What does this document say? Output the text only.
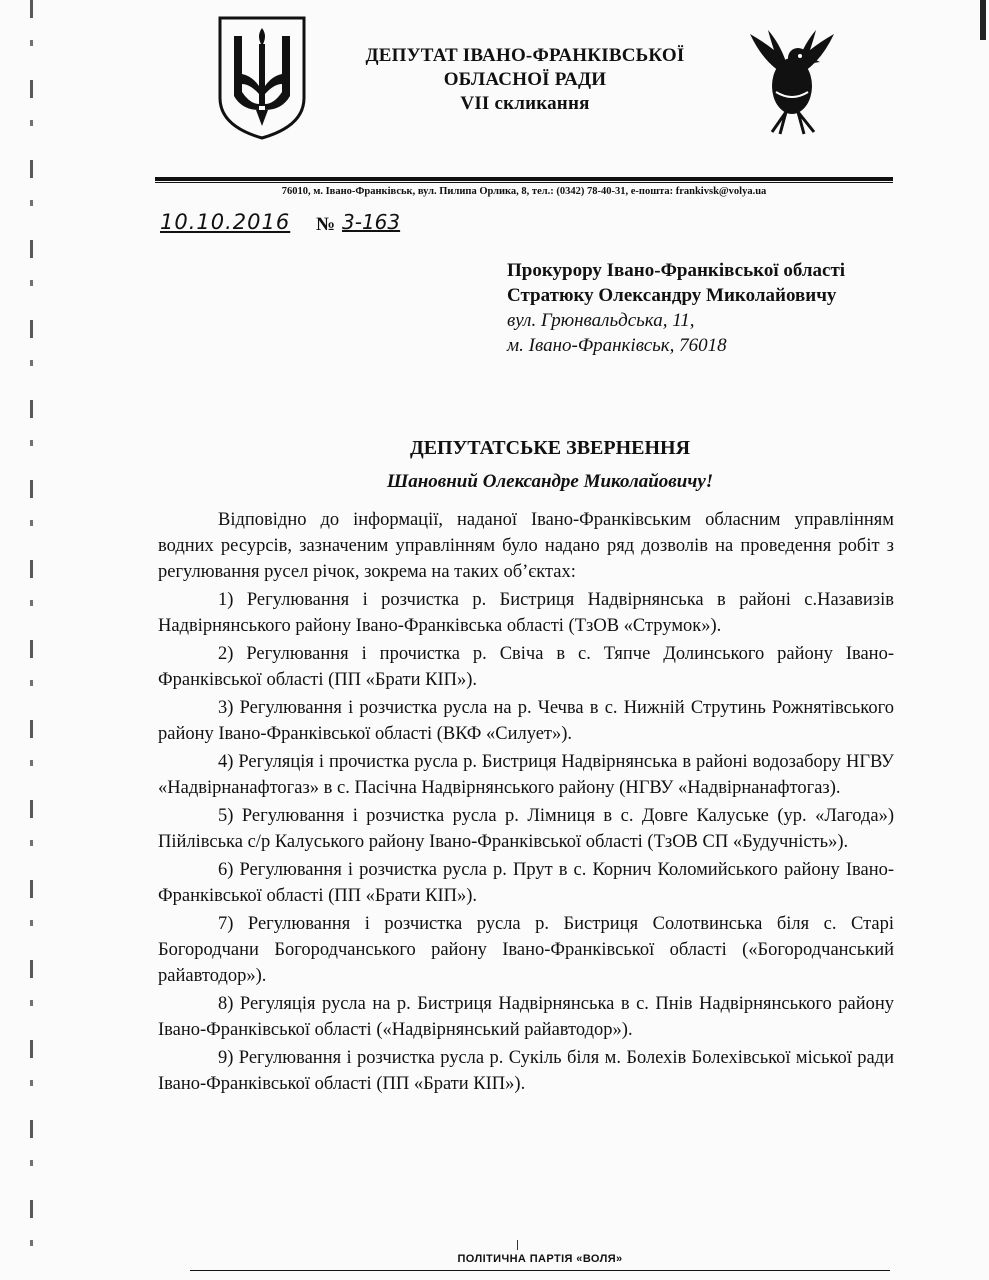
ДЕПУТАТ ІВАНО-ФРАНКІВСЬКОЇ
ОБЛАСНОЇ РАДИ
VII скликання
76010, м. Івано-Франківськ, вул. Пилипа Орлика, 8, тел.: (0342) 78-40-31, е-пошта: frankivsk@volya.ua
10.10.2016 № 3-163
Прокурору Івано-Франківської області
Стратюку Олександру Миколайовичу
вул. Грюнвальдська, 11,
м. Івано-Франківськ, 76018
ДЕПУТАТСЬКЕ ЗВЕРНЕННЯ
Шановний Олександре Миколайовичу!

Відповідно до інформації, наданої Івано-Франківським обласним управлінням водних ресурсів, зазначеним управлінням було надано ряд дозволів на проведення робіт з регулювання русел річок, зокрема на таких об’єктах:

1) Регулювання і розчистка р. Бистриця Надвірнянська в районі с.Назавизів Надвірнянського району Івано-Франківська області (ТзОВ «Струмок»).

2) Регулювання і прочистка р. Свіча в с. Тяпче Долинського району Івано-Франківської області (ПП «Брати КІП»).

3) Регулювання і розчистка русла на р. Чечва в с. Нижній Струтинь Рожнятівського району Івано-Франківської області (ВКФ «Силует»).

4) Регуляція і прочистка русла р. Бистриця Надвірнянська в районі водозабору НГВУ «Надвірнанафтогаз» в с. Пасічна Надвірнянського району (НГВУ «Надвірнанафтогаз).

5) Регулювання і розчистка русла р. Лімниця в с. Довге Калуське (ур. «Лагода») Пійлівська с/р Калуського району Івано-Франківської області (ТзОВ СП «Будучність»).

6) Регулювання і розчистка русла р. Прут в с. Корнич Коломийського району Івано-Франківської області (ПП «Брати КІП»).

7) Регулювання і розчистка русла р. Бистриця Солотвинська біля с. Старі Богородчани Богородчанського району Івано-Франківської області («Богородчанський райавтодор»).

8) Регуляція русла на р. Бистриця Надвірнянська в с. Пнів Надвірнянського району Івано-Франківської області («Надвірнянський райавтодор»).

9) Регулювання і розчистка русла р. Сукіль біля м. Болехів Болехівської міської ради Івано-Франківської області (ПП «Брати КІП»).

ПОЛІТИЧНА ПАРТІЯ «ВОЛЯ»
